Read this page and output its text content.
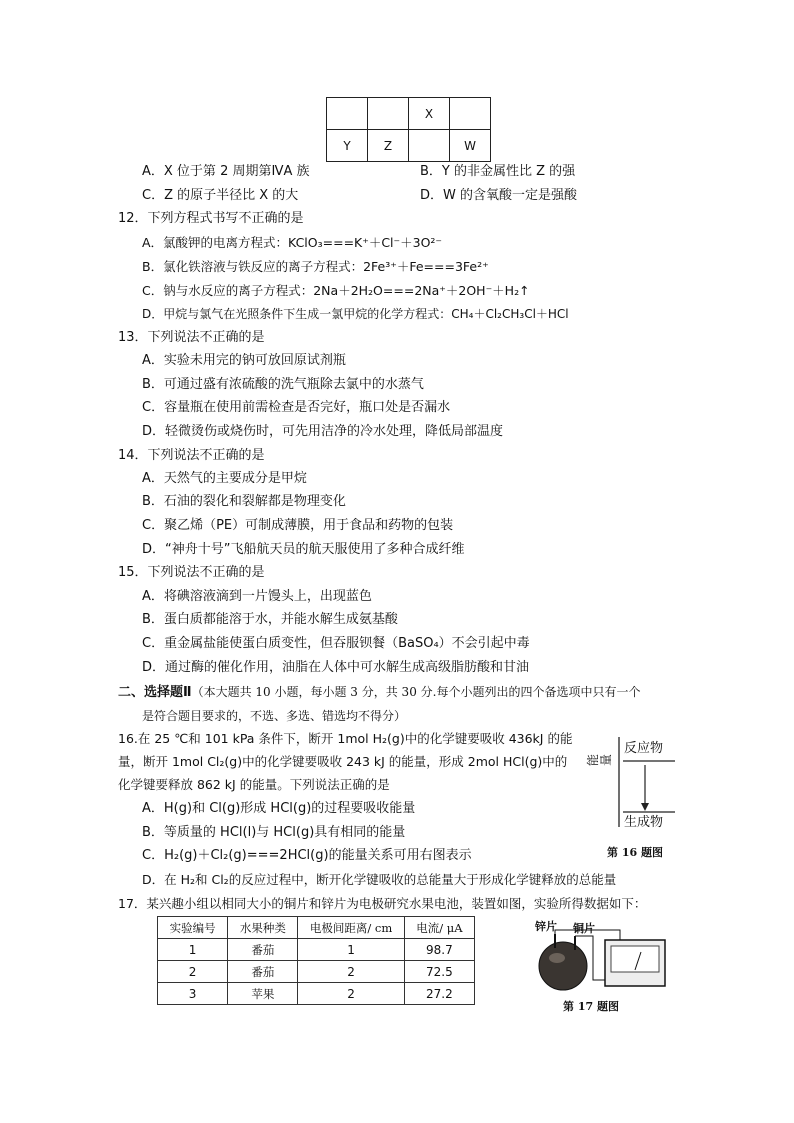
		X	
Y	Z		W
A．X 位于第 2 周期第ⅣA 族	B．Y 的非金属性比 Z 的强
C．Z 的原子半径比 X 的大	D．W 的含氧酸一定是强酸
12．下列方程式书写不正确的是
A．氯酸钾的电离方程式：KClO₃===K⁺＋Cl⁻＋3O²⁻
B．氯化铁溶液与铁反应的离子方程式：2Fe³⁺＋Fe===3Fe²⁺
C．钠与水反应的离子方程式：2Na＋2H₂O===2Na⁺＋2OH⁻＋H₂↑
D．甲烷与氯气在光照条件下生成一氯甲烷的化学方程式：CH₄＋Cl₂CH₃Cl＋HCl
13．下列说法不正确的是
A．实验未用完的钠可放回原试剂瓶
B．可通过盛有浓硫酸的洗气瓶除去氯中的水蒸气
C．容量瓶在使用前需检查是否完好，瓶口处是否漏水
D．轻微烫伤或烧伤时，可先用洁净的冷水处理，降低局部温度
14．下列说法不正确的是
A．天然气的主要成分是甲烷
B．石油的裂化和裂解都是物理变化
C．聚乙烯（PE）可制成薄膜，用于食品和药物的包装
D．“神舟十号”飞船航天员的航天服使用了多种合成纤维
15．下列说法不正确的是
A．将碘溶液滴到一片馒头上，出现蓝色
B．蛋白质都能溶于水，并能水解生成氨基酸
C．重金属盐能使蛋白质变性，但吞服钡餐（BaSO₄）不会引起中毒
D．通过酶的催化作用，油脂在人体中可水解生成高级脂肪酸和甘油
二、选择题Ⅱ（本大题共 10 小题，每小题 3 分，共 30 分.每个小题列出的四个备选项中只有一个
是符合题目要求的，不选、多选、错选均不得分）
16.在 25 ℃和 101 kPa 条件下，断开 1mol H₂(g)中的化学键要吸收 436kJ 的能
量，断开 1mol Cl₂(g)中的化学键要吸收 243 kJ 的能量，形成 2mol HCl(g)中的
化学键要释放 862 kJ 的能量。下列说法正确的是
A．H(g)和 Cl(g)形成 HCl(g)的过程要吸收能量
B．等质量的 HCl(l)与 HCl(g)具有相同的能量
C．H₂(g)＋Cl₂(g)===2HCl(g)的能量关系可用右图表示
D．在 H₂和 Cl₂的反应过程中，断开化学键吸收的总能量大于形成化学键释放的总能量
能量
反应物
生成物
第 16 题图
17．某兴趣小组以相同大小的铜片和锌片为电极研究水果电池，装置如图，实验所得数据如下：
实验编号	水果种类	电极间距离/ cm	电流/ μA
1	番茄	1	98.7
2	番茄	2	72.5
3	苹果	2	27.2
锌片 铜片
第 17 题图
